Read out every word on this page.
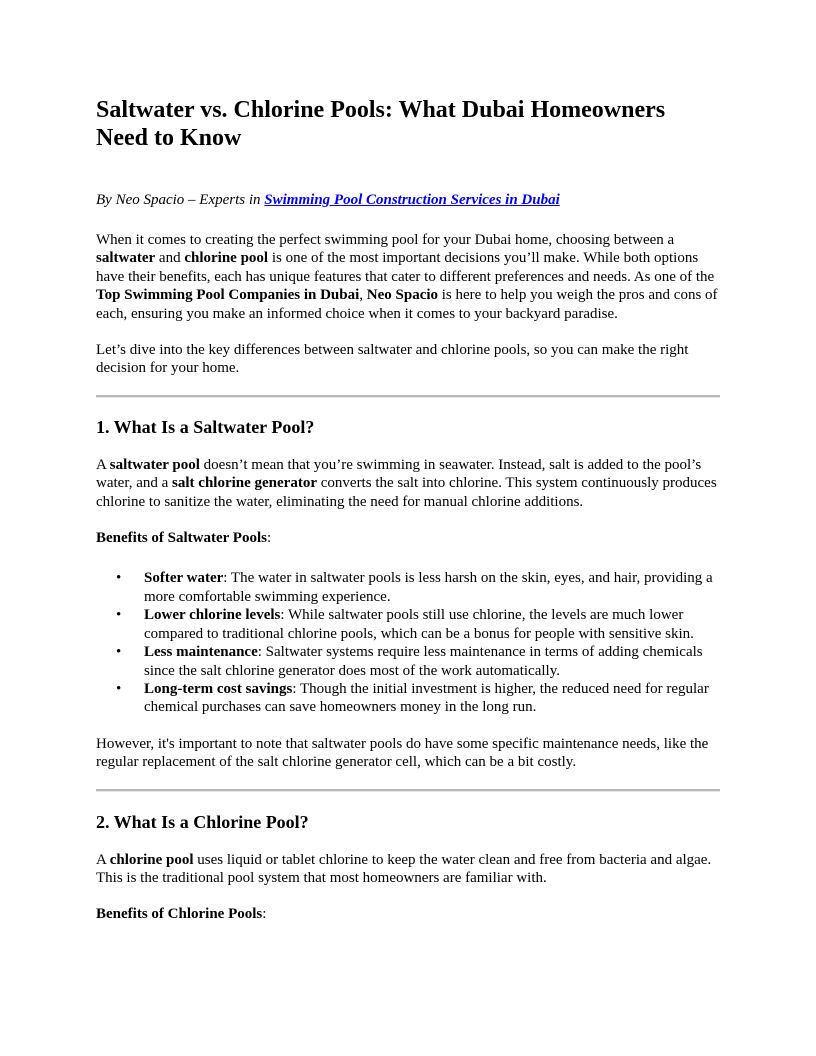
Saltwater vs. Chlorine Pools: What Dubai Homeowners Need to Know

By Neo Spacio – Experts in Swimming Pool Construction Services in Dubai

When it comes to creating the perfect swimming pool for your Dubai home, choosing between a saltwater and chlorine pool is one of the most important decisions you’ll make. While both options have their benefits, each has unique features that cater to different preferences and needs. As one of the Top Swimming Pool Companies in Dubai, Neo Spacio is here to help you weigh the pros and cons of each, ensuring you make an informed choice when it comes to your backyard paradise.

Let’s dive into the key differences between saltwater and chlorine pools, so you can make the right decision for your home.

1. What Is a Saltwater Pool?

A saltwater pool doesn’t mean that you’re swimming in seawater. Instead, salt is added to the pool’s water, and a salt chlorine generator converts the salt into chlorine. This system continuously produces chlorine to sanitize the water, eliminating the need for manual chlorine additions.

Benefits of Saltwater Pools:

• Softer water: The water in saltwater pools is less harsh on the skin, eyes, and hair, providing a more comfortable swimming experience.
• Lower chlorine levels: While saltwater pools still use chlorine, the levels are much lower compared to traditional chlorine pools, which can be a bonus for people with sensitive skin.
• Less maintenance: Saltwater systems require less maintenance in terms of adding chemicals since the salt chlorine generator does most of the work automatically.
• Long-term cost savings: Though the initial investment is higher, the reduced need for regular chemical purchases can save homeowners money in the long run.

However, it's important to note that saltwater pools do have some specific maintenance needs, like the regular replacement of the salt chlorine generator cell, which can be a bit costly.

2. What Is a Chlorine Pool?

A chlorine pool uses liquid or tablet chlorine to keep the water clean and free from bacteria and algae. This is the traditional pool system that most homeowners are familiar with.

Benefits of Chlorine Pools:
